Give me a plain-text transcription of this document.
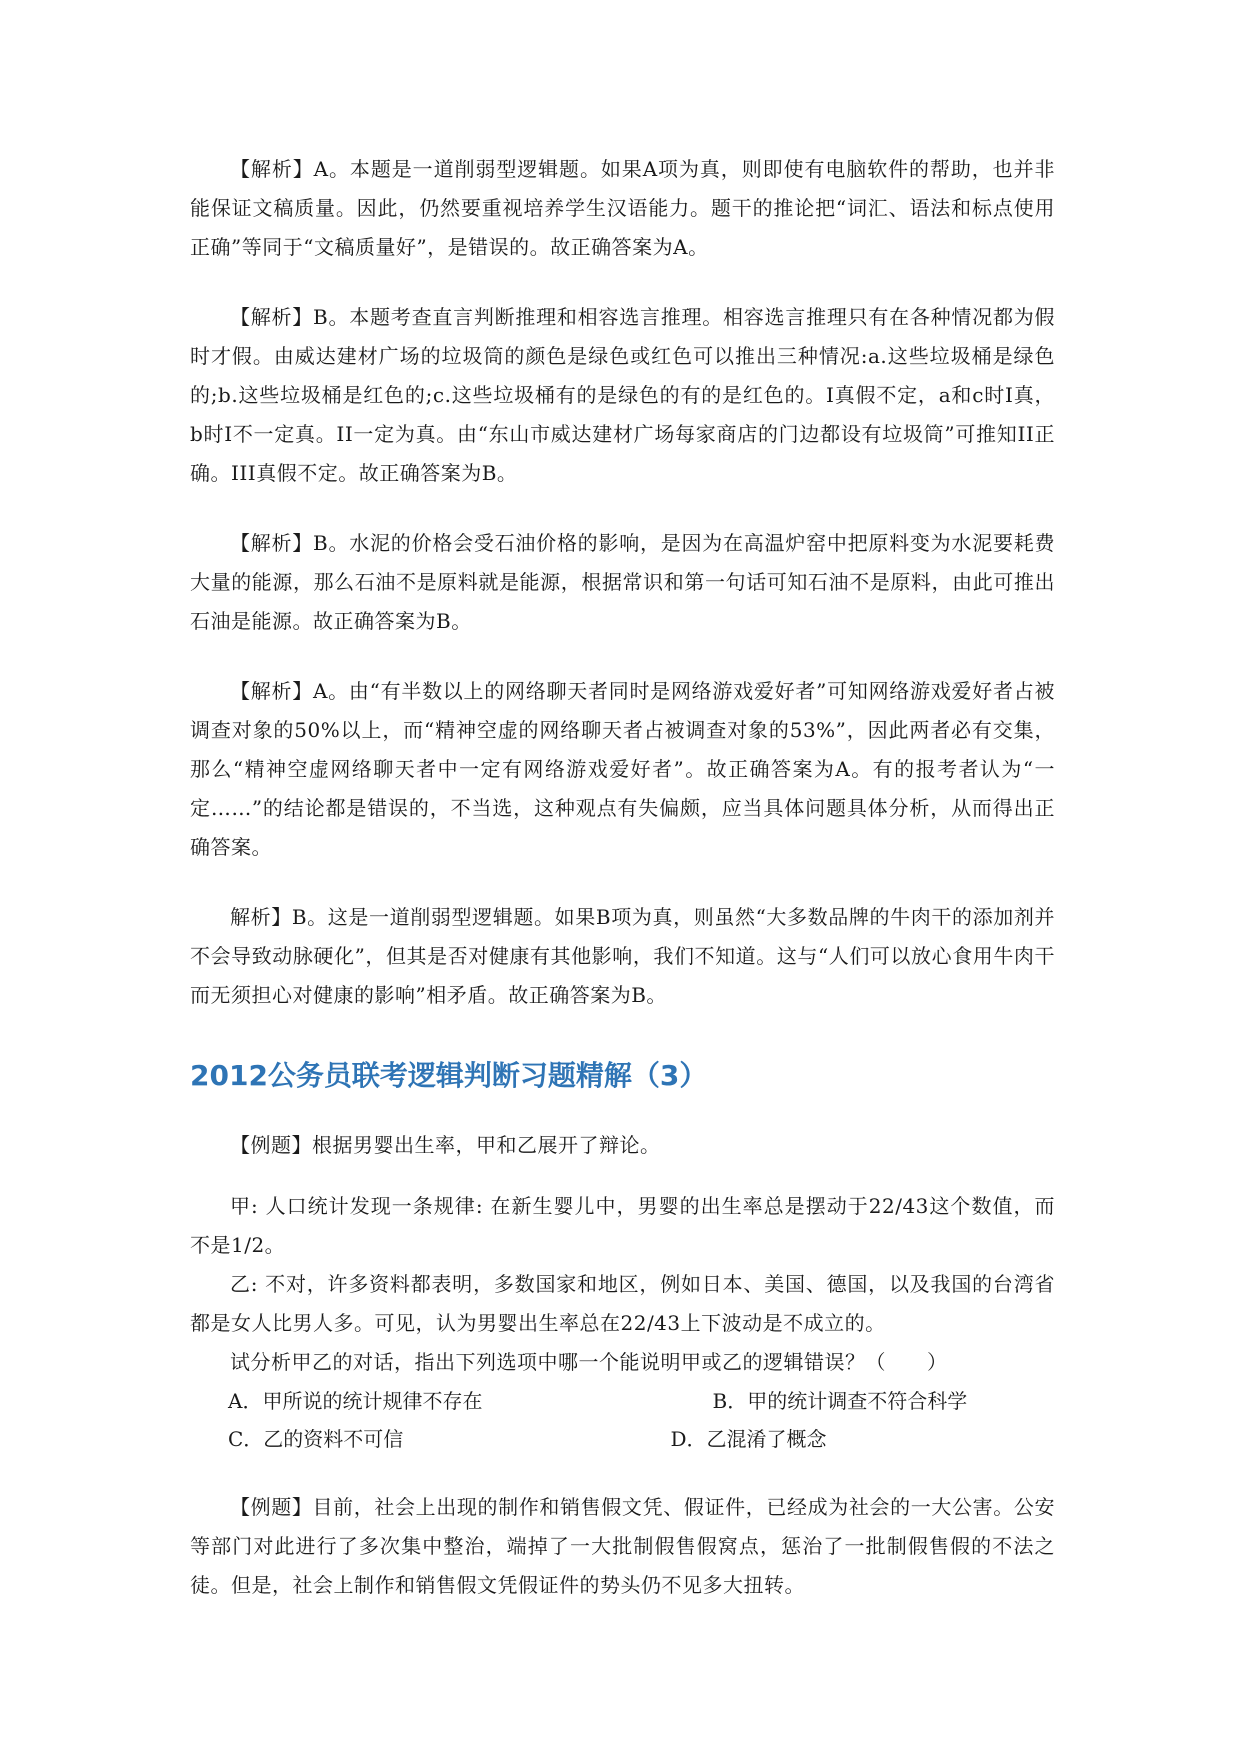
【解析】A。本题是一道削弱型逻辑题。如果A项为真，则即使有电脑软件的帮助，也并非能保证文稿质量。因此，仍然要重视培养学生汉语能力。题干的推论把“词汇、语法和标点使用正确”等同于“文稿质量好”，是错误的。故正确答案为A。

【解析】B。本题考查直言判断推理和相容选言推理。相容选言推理只有在各种情况都为假时才假。由威达建材广场的垃圾筒的颜色是绿色或红色可以推出三种情况:a.这些垃圾桶是绿色的;b.这些垃圾桶是红色的;c.这些垃圾桶有的是绿色的有的是红色的。I真假不定，a和c时I真，b时I不一定真。II一定为真。由“东山市威达建材广场每家商店的门边都设有垃圾筒”可推知II正确。III真假不定。故正确答案为B。

【解析】B。水泥的价格会受石油价格的影响，是因为在高温炉窑中把原料变为水泥要耗费大量的能源，那么石油不是原料就是能源，根据常识和第一句话可知石油不是原料，由此可推出石油是能源。故正确答案为B。

【解析】A。由“有半数以上的网络聊天者同时是网络游戏爱好者”可知网络游戏爱好者占被调查对象的50%以上，而“精神空虚的网络聊天者占被调查对象的53%”，因此两者必有交集，那么“精神空虚网络聊天者中一定有网络游戏爱好者”。故正确答案为A。有的报考者认为“一定……”的结论都是错误的，不当选，这种观点有失偏颇，应当具体问题具体分析，从而得出正确答案。

解析】B。这是一道削弱型逻辑题。如果B项为真，则虽然“大多数品牌的牛肉干的添加剂并不会导致动脉硬化”，但其是否对健康有其他影响，我们不知道。这与“人们可以放心食用牛肉干而无须担心对健康的影响”相矛盾。故正确答案为B。

2012公务员联考逻辑判断习题精解（3）

【例题】根据男婴出生率，甲和乙展开了辩论。

甲: 人口统计发现一条规律: 在新生婴儿中，男婴的出生率总是摆动于22/43这个数值，而不是1/2。

乙: 不对，许多资料都表明，多数国家和地区，例如日本、美国、德国，以及我国的台湾省都是女人比男人多。可见，认为男婴出生率总在22/43上下波动是不成立的。

试分析甲乙的对话，指出下列选项中哪一个能说明甲或乙的逻辑错误？（　　）

A．甲所说的统计规律不存在	B．甲的统计调查不符合科学
C．乙的资料不可信	D．乙混淆了概念

【例题】目前，社会上出现的制作和销售假文凭、假证件，已经成为社会的一大公害。公安等部门对此进行了多次集中整治，端掉了一大批制假售假窝点，惩治了一批制假售假的不法之徒。但是，社会上制作和销售假文凭假证件的势头仍不见多大扭转。
